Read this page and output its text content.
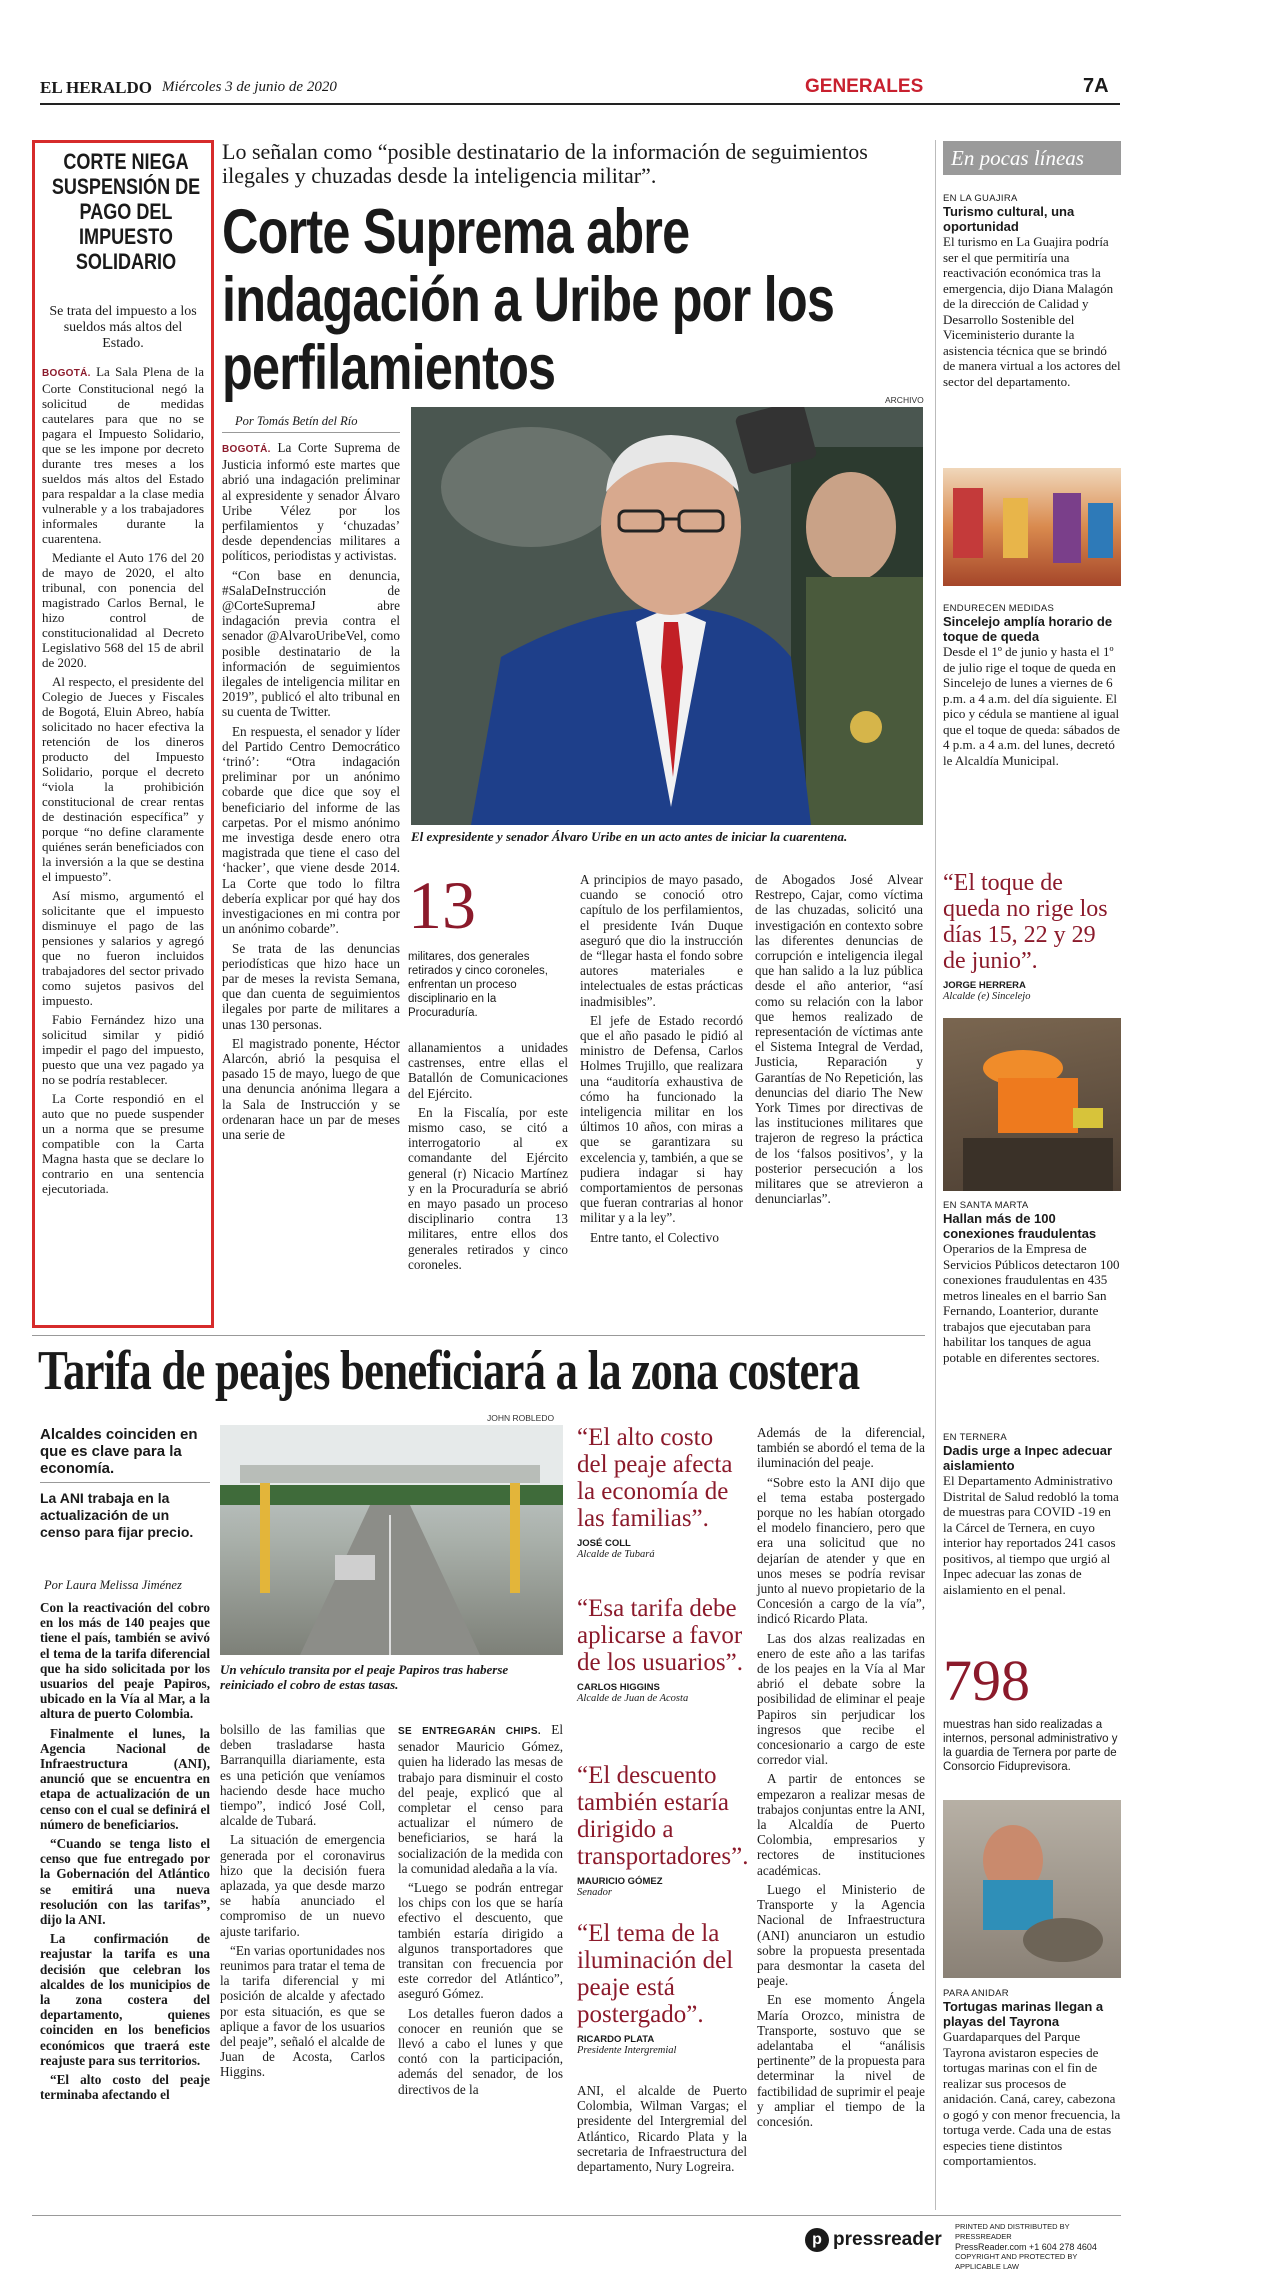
EL HERALDO Miércoles 3 de junio de 2020	GENERALES	7A
CORTE NIEGA SUSPENSIÓN DE PAGO DEL IMPUESTO SOLIDARIO
Se trata del impuesto a los sueldos más altos del Estado.

BOGOTÁ. La Sala Plena de la Corte Constitucional negó la solicitud de medidas cautelares para que no se pagara el Impuesto Solidario, que se les impone por decreto durante tres meses a los sueldos más altos del Estado para respaldar a la clase media vulnerable y a los trabajadores informales durante la cuarentena.

Mediante el Auto 176 del 20 de mayo de 2020, el alto tribunal, con ponencia del magistrado Carlos Bernal, le hizo control de constitucionalidad al Decreto Legislativo 568 del 15 de abril de 2020.

Al respecto, el presidente del Colegio de Jueces y Fiscales de Bogotá, Eluin Abreo, había solicitado no hacer efectiva la retención de los dineros producto del Impuesto Solidario, porque el decreto “viola la prohibición constitucional de crear rentas de destinación específica” y porque “no define claramente quiénes serán beneficiados con la inversión a la que se destina el impuesto”.

Así mismo, argumentó el solicitante que el impuesto disminuye el pago de las pensiones y salarios y agregó que no fueron incluidos trabajadores del sector privado como sujetos pasivos del impuesto.

Fabio Fernández hizo una solicitud similar y pidió impedir el pago del impuesto, puesto que una vez pagado ya no se podría restablecer.

La Corte respondió en el auto que no puede suspender un a norma que se presume compatible con la Carta Magna hasta que se declare lo contrario en una sentencia ejecutoriada.

Lo señalan como “posible destinatario de la información de seguimientos ilegales y chuzadas desde la inteligencia militar”.
Corte Suprema abre indagación a Uribe por los perfilamientos
Por Tomás Betín del Río

BOGOTÁ. La Corte Suprema de Justicia informó este martes que abrió una indagación preliminar al expresidente y senador Álvaro Uribe Vélez por los perfilamientos y ‘chuzadas’ desde dependencias militares a políticos, periodistas y activistas.

“Con base en denuncia, #SalaDeInstrucción de @CorteSupremaJ abre indagación previa contra el senador @AlvaroUribeVel, como posible destinatario de la información de seguimientos ilegales de inteligencia militar en 2019”, publicó el alto tribunal en su cuenta de Twitter.

En respuesta, el senador y líder del Partido Centro Democrático ‘trinó’: “Otra indagación preliminar por un anónimo cobarde que dice que soy el beneficiario del informe de las carpetas. Por el mismo anónimo me investiga desde enero otra magistrada que tiene el caso del ‘hacker’, que viene desde 2014. La Corte que todo lo filtra debería explicar por qué hay dos investigaciones en mi contra por un anónimo cobarde”.

Se trata de las denuncias periodísticas que hizo hace un par de meses la revista Semana, que dan cuenta de seguimientos ilegales por parte de militares a unas 130 personas.

El magistrado ponente, Héctor Alarcón, abrió la pesquisa el pasado 15 de mayo, luego de que una denuncia anónima llegara a la Sala de Instrucción y se ordenaran hace un par de meses una serie de

ARCHIVO
El expresidente y senador Álvaro Uribe en un acto antes de iniciar la cuarentena.
13
militares, dos generales retirados y cinco coroneles, enfrentan un proceso disciplinario en la Procuraduría.

allanamientos a unidades castrenses, entre ellas el Batallón de Comunicaciones del Ejército.

En la Fiscalía, por este mismo caso, se citó a interrogatorio al ex comandante del Ejército general (r) Nicacio Martínez y en la Procuraduría se abrió en mayo pasado un proceso disciplinario contra 13 militares, entre ellos dos generales retirados y cinco coroneles.

A principios de mayo pasado, cuando se conoció otro capítulo de los perfilamientos, el presidente Iván Duque aseguró que dio la instrucción de “llegar hasta el fondo sobre autores materiales e intelectuales de estas prácticas inadmisibles”.

El jefe de Estado recordó que el año pasado le pidió al ministro de Defensa, Carlos Holmes Trujillo, que realizara una “auditoría exhaustiva de cómo ha funcionado la inteligencia militar en los últimos 10 años, con miras a que se garantizara su excelencia y, también, a que se pudiera indagar si hay comportamientos de personas que fueran contrarias al honor militar y a la ley”.

Entre tanto, el Colectivo

de Abogados José Alvear Restrepo, Cajar, como víctima de las chuzadas, solicitó una investigación en contexto sobre las diferentes denuncias de corrupción e inteligencia ilegal que han salido a la luz pública desde el año anterior, “así como su relación con la labor que hemos realizado de representación de víctimas ante el Sistema Integral de Verdad, Justicia, Reparación y Garantías de No Repetición, las denuncias del diario The New York Times por directivas de las instituciones militares que trajeron de regreso la práctica de los ‘falsos positivos’, y la posterior persecución a los militares que se atrevieron a denunciarlas”.

En pocas líneas
EN LA GUAJIRA
Turismo cultural, una oportunidad
El turismo en La Guajira podría ser el que permitiría una reactivación económica tras la emergencia, dijo Diana Malagón de la dirección de Calidad y Desarrollo Sostenible del Viceministerio durante la asistencia técnica que se brindó de manera virtual a los actores del sector del departamento.
ENDURECEN MEDIDAS
Sincelejo amplía horario de toque de queda
Desde el 1º de junio y hasta el 1º de julio rige el toque de queda en Sincelejo de lunes a viernes de 6 p.m. a 4 a.m. del día siguiente. El pico y cédula se mantiene al igual que el toque de queda: sábados de 4 p.m. a 4 a.m. del lunes, decretó le Alcaldía Municipal.
“El toque de queda no rige los días 15, 22 y 29 de junio”.
JORGE HERRERA
Alcalde (e) Sincelejo
EN SANTA MARTA
Hallan más de 100 conexiones fraudulentas
Operarios de la Empresa de Servicios Públicos detectaron 100 conexiones fraudulentas en 435 metros lineales en el barrio San Fernando, Loanterior, durante trabajos que ejecutaban para habilitar los tanques de agua potable en diferentes sectores.
EN TERNERA
Dadis urge a Inpec adecuar aislamiento
El Departamento Administrativo Distrital de Salud redobló la toma de muestras para COVID -19 en la Cárcel de Ternera, en cuyo interior hay reportados 241 casos positivos, al tiempo que urgió al Inpec adecuar las zonas de aislamiento en el penal.
798
muestras han sido realizadas a internos, personal administrativo y la guardia de Ternera por parte de Consorcio Fiduprevisora.
PARA ANIDAR
Tortugas marinas llegan a playas del Tayrona
Guardaparques del Parque Tayrona avistaron especies de tortugas marinas con el fin de realizar sus procesos de anidación. Caná, carey, cabezona o gogó y con menor frecuencia, la tortuga verde. Cada una de estas especies tiene distintos comportamientos.
Tarifa de peajes beneficiará a la zona costera
Alcaldes coinciden en que es clave para la economía.
La ANI trabaja en la actualización de un censo para fijar precio.
Por Laura Melissa Jiménez

Con la reactivación del cobro en los más de 140 peajes que tiene el país, también se avivó el tema de la tarifa diferencial que ha sido solicitada por los usuarios del peaje Papiros, ubicado en la Vía al Mar, a la altura de puerto Colombia.

Finalmente el lunes, la Agencia Nacional de Infraestructura (ANI), anunció que se encuentra en etapa de actualización de un censo con el cual se definirá el número de beneficiarios.

“Cuando se tenga listo el censo que fue entregado por la Gobernación del Atlántico se emitirá una nueva resolución con las tarifas”, dijo la ANI.

La confirmación de reajustar la tarifa es una decisión que celebran los alcaldes de los municipios de la zona costera del departamento, quienes coinciden en los beneficios económicos que traerá este reajuste para sus territorios.

“El alto costo del peaje terminaba afectando el

JOHN ROBLEDO
Un vehículo transita por el peaje Papiros tras haberse reiniciado el cobro de estas tasas.

bolsillo de las familias que deben trasladarse hasta Barranquilla diariamente, esta es una petición que veníamos haciendo desde hace mucho tiempo”, indicó José Coll, alcalde de Tubará.

La situación de emergencia generada por el coronavirus hizo que la decisión fuera aplazada, ya que desde marzo se había anunciado el compromiso de un nuevo ajuste tarifario.

“En varias oportunidades nos reunimos para tratar el tema de la tarifa diferencial y mi posición de alcalde y afectado por esta situación, es que se aplique a favor de los usuarios del peaje”, señaló el alcalde de Juan de Acosta, Carlos Higgins.

SE ENTREGARÁN CHIPS. El senador Mauricio Gómez, quien ha liderado las mesas de trabajo para disminuir el costo del peaje, explicó que al completar el censo para actualizar el número de beneficiarios, se hará la socialización de la medida con la comunidad aledaña a la vía.

“Luego se podrán entregar los chips con los que se haría efectivo el descuento, que también estaría dirigido a algunos transportadores que transitan con frecuencia por este corredor del Atlántico”, aseguró Gómez.

Los detalles fueron dados a conocer en reunión que se llevó a cabo el lunes y que contó con la participación, además del senador, de los directivos de la

“El alto costo del peaje afecta la economía de las familias”.
JOSÉ COLL
Alcalde de Tubará
“Esa tarifa debe aplicarse a favor de los usuarios”.
CARLOS HIGGINS
Alcalde de Juan de Acosta
“El descuento también estaría dirigido a transportadores”.
MAURICIO GÓMEZ
Senador
“El tema de la iluminación del peaje está postergado”.
RICARDO PLATA
Presidente Intergremial

ANI, el alcalde de Puerto Colombia, Wilman Vargas; el presidente del Intergremial del Atlántico, Ricardo Plata y la secretaria de Infraestructura del departamento, Nury Logreira.

Además de la diferencial, también se abordó el tema de la iluminación del peaje.

“Sobre esto la ANI dijo que el tema estaba postergado porque no les habían otorgado el modelo financiero, pero que era una solicitud que no dejarían de atender y que en unos meses se podría revisar junto al nuevo propietario de la Concesión a cargo de la vía”, indicó Ricardo Plata.

Las dos alzas realizadas en enero de este año a las tarifas de los peajes en la Vía al Mar abrió el debate sobre la posibilidad de eliminar el peaje Papiros sin perjudicar los ingresos que recibe el concesionario a cargo de este corredor vial.

A partir de entonces se empezaron a realizar mesas de trabajos conjuntas entre la ANI, la Alcaldía de Puerto Colombia, empresarios y rectores de instituciones académicas.

Luego el Ministerio de Transporte y la Agencia Nacional de Infraestructura (ANI) anunciaron un estudio sobre la propuesta presentada para desmontar la caseta del peaje.

En ese momento Ángela María Orozco, ministra de Transporte, sostuvo que se adelantaba el “análisis pertinente” de la propuesta para determinar la nivel de factibilidad de suprimir el peaje y ampliar el tiempo de la concesión.

p pressreader
PRINTED AND DISTRIBUTED BY PRESSREADER
PressReader.com +1 604 278 4604
COPYRIGHT AND PROTECTED BY APPLICABLE LAW
